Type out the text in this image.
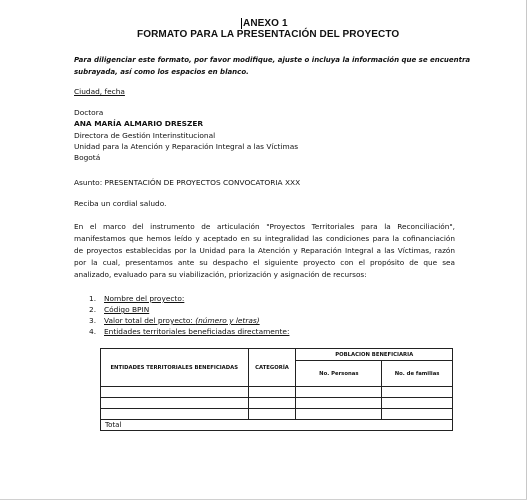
ANEXO 1
FORMATO PARA LA PRESENTACIÓN DEL PROYECTO
Para diligenciar este formato, por favor modifique, ajuste o incluya la información que se encuentra
subrayada, así como los espacios en blanco.
Ciudad, fecha
Doctora
ANA MARÍA ALMARIO DRESZER
Directora de Gestión Interinstitucional
Unidad para la Atención y Reparación Integral a las Víctimas
Bogotá
Asunto: PRESENTACIÓN DE PROYECTOS CONVOCATORIA XXX
Reciba un cordial saludo.
En el marco del instrumento de articulación "Proyectos Territoriales para la Reconciliación",
manifestamos que hemos leído y aceptado en su integralidad las condiciones para la cofinanciación
de proyectos establecidas por la Unidad para la Atención y Reparación Integral a las Víctimas, razón
por la cual, presentamos ante su despacho el siguiente proyecto con el propósito de que sea
analizado, evaluado para su viabilización, priorización y asignación de recursos:
1.	Nombre del proyecto:
2.	Código BPIN
3.	Valor total del proyecto: (número y letras)
4.	Entidades territoriales beneficiadas directamente:
ENTIDADES TERRITORIALES BENEFICIADAS	CATEGORÍA	POBLACION BENEFICIARIA	
		No. Personas	No. de familias

Total			
